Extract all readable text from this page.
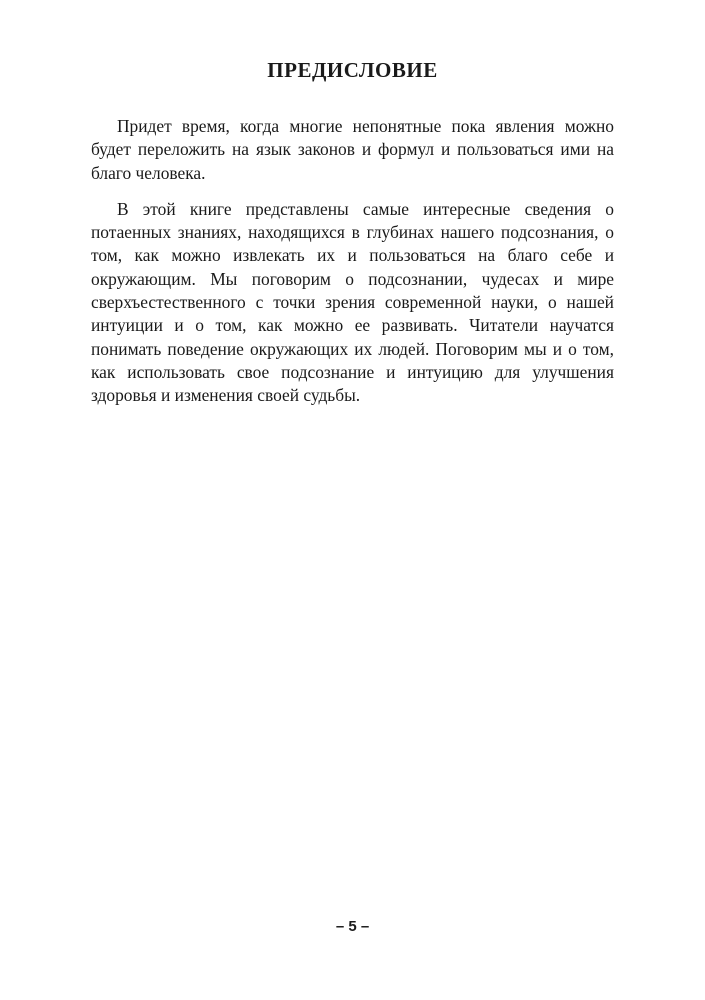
ПРЕДИСЛОВИЕ

Придет время, когда многие непонятные пока явления можно будет переложить на язык законов и формул и пользоваться ими на благо человека.

В этой книге представлены самые интересные сведения о потаенных знаниях, находящихся в глубинах нашего подсознания, о том, как можно извлекать их и пользоваться на благо себе и окружающим. Мы поговорим о подсознании, чудесах и мире сверхъестественного с точки зрения современной науки, о нашей интуиции и о том, как можно ее развивать. Читатели научатся понимать поведение окружающих их людей. Поговорим мы и о том, как использовать свое подсознание и интуицию для улучшения здоровья и изменения своей судьбы.

– 5 –
